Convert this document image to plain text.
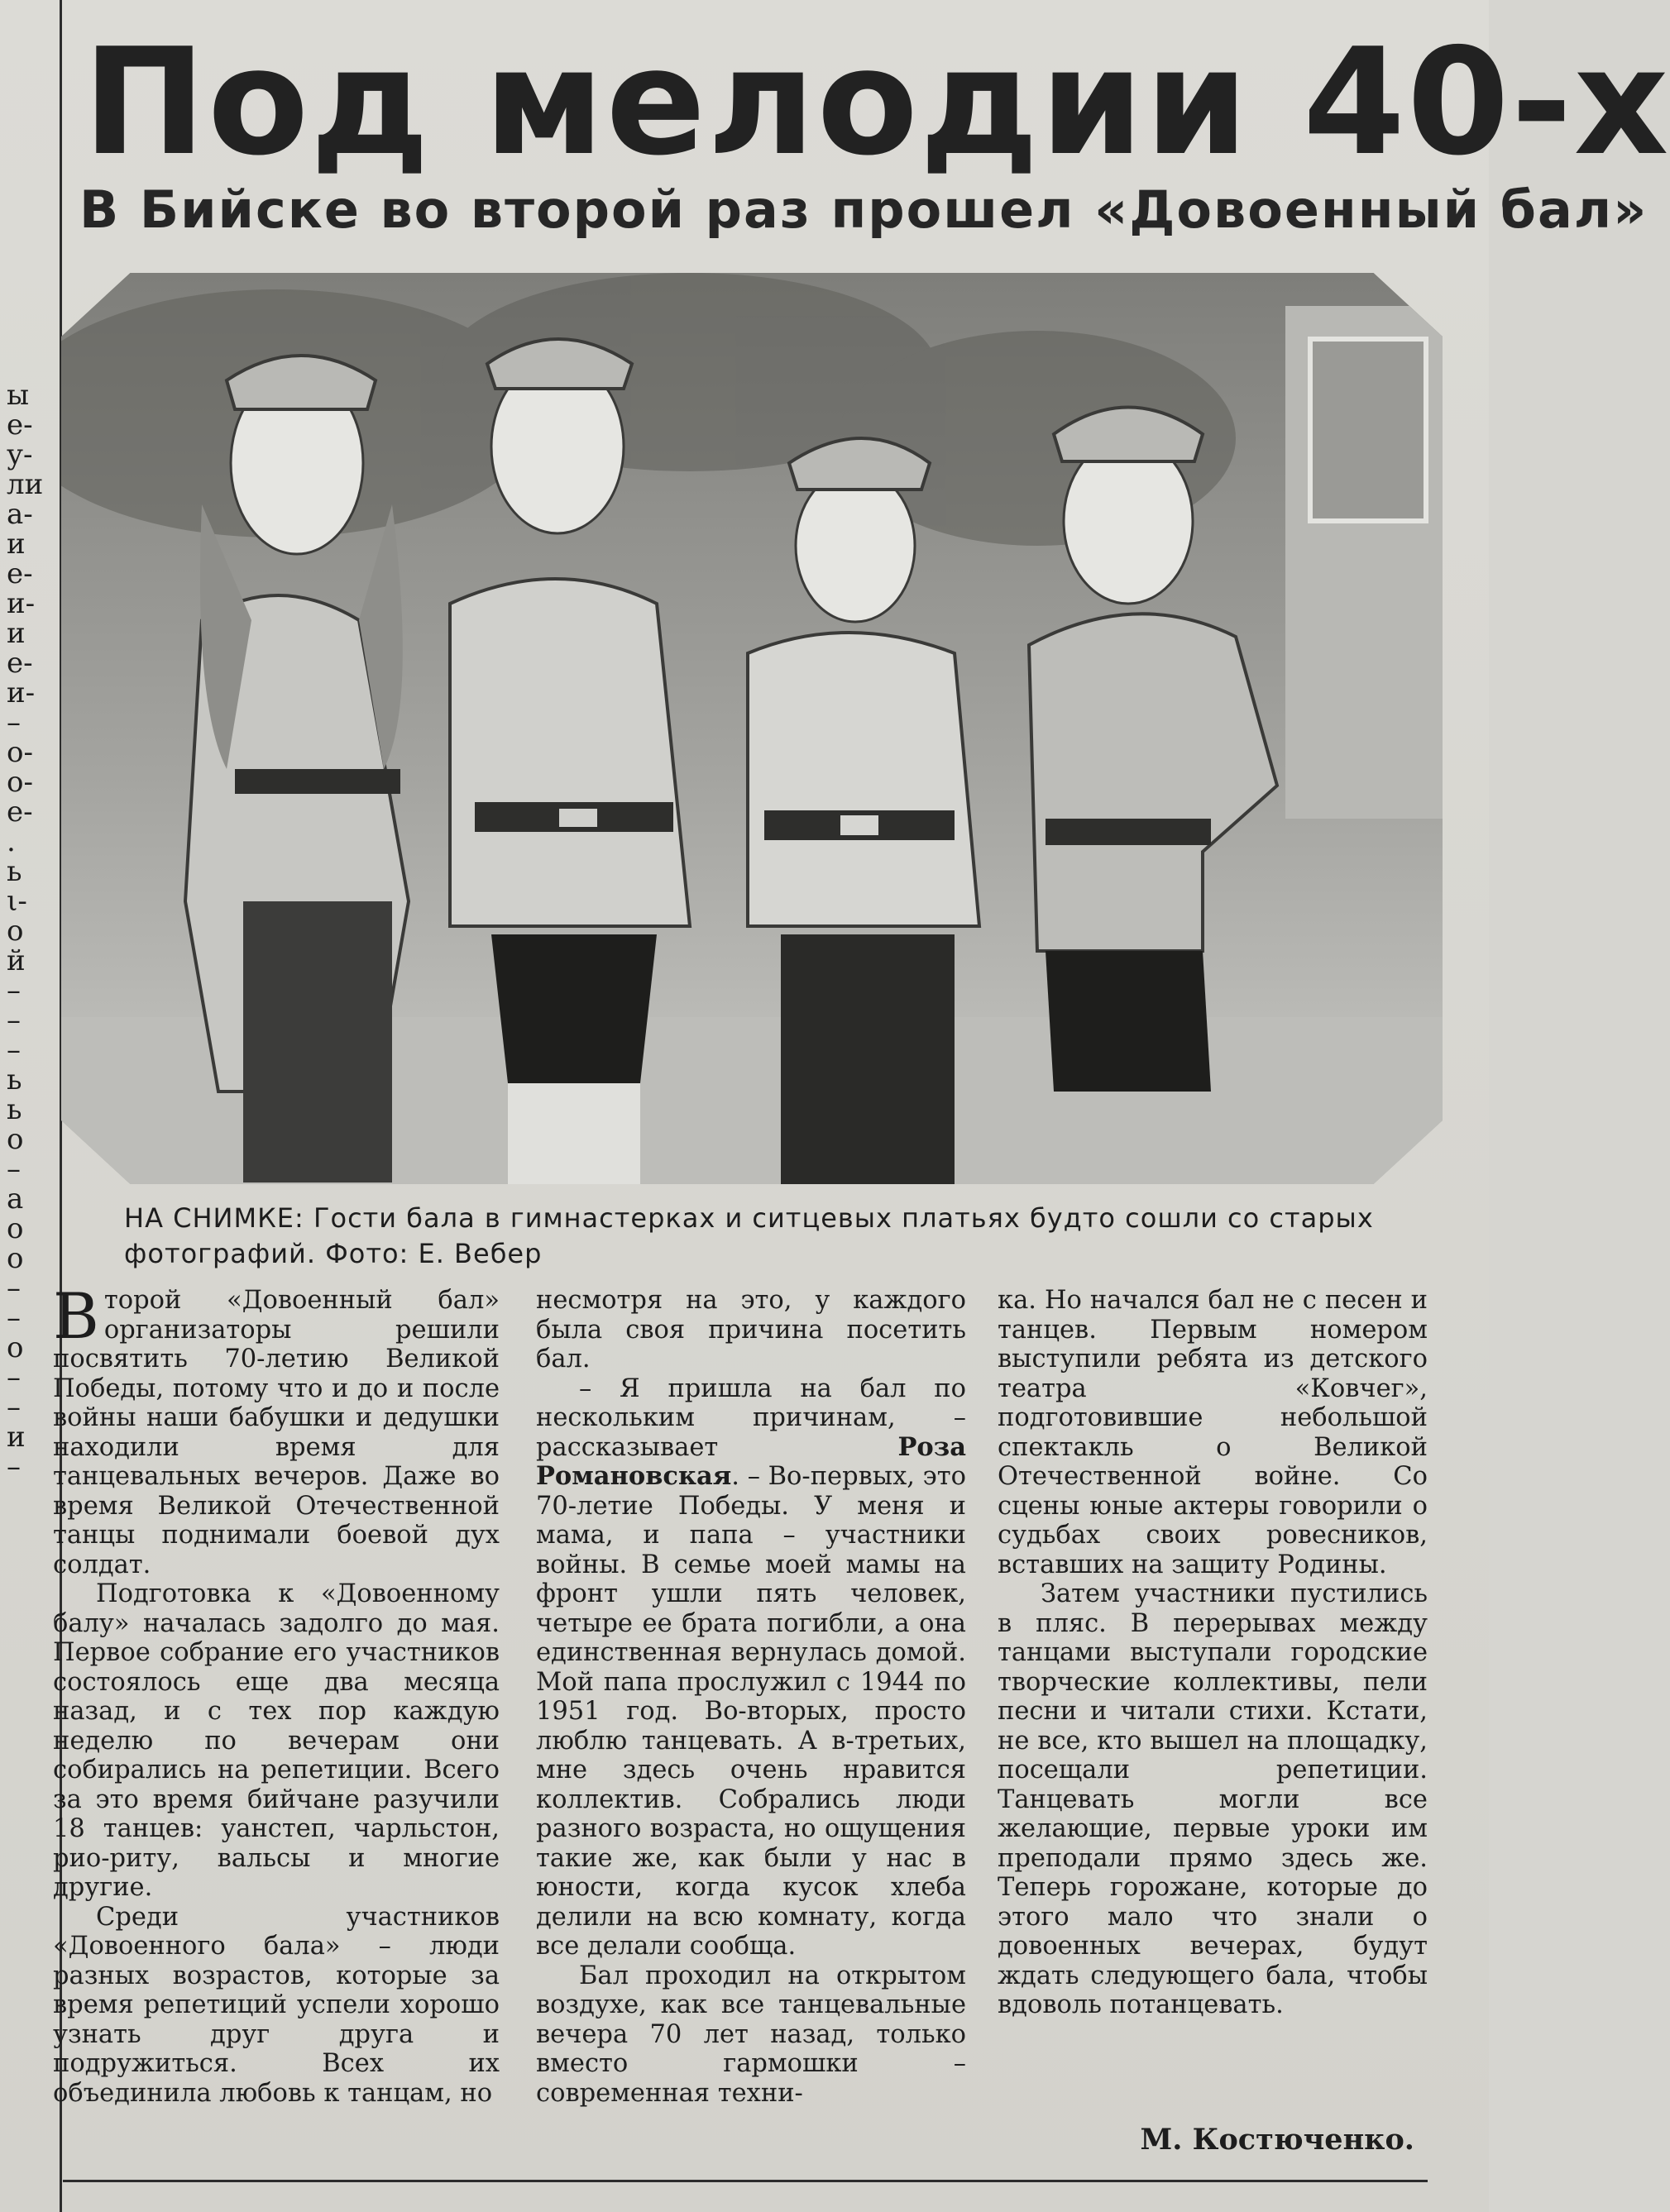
ы
е-
у-
ли
а-
и
е-
и-
и
е-
и-
–
о-
о-
е-
.
ь
ι-
о
й
–
–
–
ь
ь
о
–
а
о
о
–
–
о
–
–
и
–
Под мелодии 40-х
В Бийске во второй раз прошел «Довоенный бал»

НА СНИМКЕ: Гости бала в гимнастерках и ситцевых платьях будто сошли со старых фотографий. Фото: Е. Вебер

Второй «Довоенный бал» организаторы решили посвятить 70-летию Великой Победы, потому что и до и после войны наши бабушки и дедушки находили время для танцевальных вечеров. Даже во время Великой Отечественной танцы поднимали боевой дух солдат.

Подготовка к «Довоенному балу» началась задолго до мая. Первое собрание его участников состоялось еще два месяца назад, и с тех пор каждую неделю по вечерам они собирались на репетиции. Всего за это время бийчане разучили 18 танцев: уанстеп, чарльстон, рио-риту, вальсы и многие другие.

Среди участников «Довоенного бала» – люди разных возрастов, которые за время репетиций успели хорошо узнать друг друга и подружиться. Всех их объединила любовь к танцам, но

несмотря на это, у каждого была своя причина посетить бал.

– Я пришла на бал по нескольким причинам, – рассказывает	Роза Романовская. – Во-первых, это 70-летие Победы. У меня и мама, и папа – участники войны. В семье моей мамы на фронт ушли пять человек, четыре ее брата погибли, а она единственная вернулась домой. Мой папа прослужил с 1944 по 1951 год. Во-вторых, просто люблю танцевать. А в-третьих, мне здесь очень нравится коллектив. Собрались люди разного возраста, но ощущения такие же, как были у нас в юности, когда кусок хлеба делили на всю комнату, когда все делали сообща.

Бал проходил на открытом воздухе, как все танцевальные вечера 70 лет назад, только вместо гармошки – современная техни-

ка. Но начался бал не с песен и танцев. Первым номером выступили ребята из детского театра «Ковчег», подготовившие небольшой спектакль о Великой Отечественной войне. Со сцены юные актеры говорили о судьбах своих ровесников, вставших на защиту Родины.

Затем участники пустились в пляс. В перерывах между танцами выступали городские творческие коллективы, пели песни и читали стихи. Кстати, не все, кто вышел на площадку, посещали репетиции. Танцевать могли все желающие, первые уроки им преподали прямо здесь же. Теперь горожане, которые до этого мало что знали о довоенных вечерах, будут ждать следующего бала, чтобы вдоволь потанцевать.

М. Костюченко.
